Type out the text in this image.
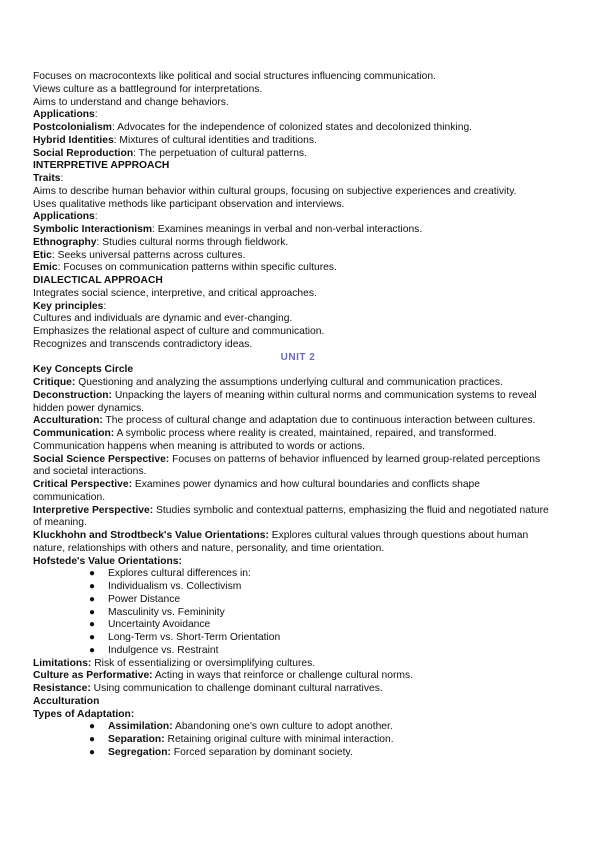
Focuses on macrocontexts like political and social structures influencing communication.
Views culture as a battleground for interpretations.
Aims to understand and change behaviors.
Applications:
Postcolonialism: Advocates for the independence of colonized states and decolonized thinking.
Hybrid Identities: Mixtures of cultural identities and traditions.
Social Reproduction: The perpetuation of cultural patterns.
INTERPRETIVE APPROACH
Traits:
Aims to describe human behavior within cultural groups, focusing on subjective experiences and creativity.
Uses qualitative methods like participant observation and interviews.
Applications:
Symbolic Interactionism: Examines meanings in verbal and non-verbal interactions.
Ethnography: Studies cultural norms through fieldwork.
Etic: Seeks universal patterns across cultures.
Emic: Focuses on communication patterns within specific cultures.
DIALECTICAL APPROACH
Integrates social science, interpretive, and critical approaches.
Key principles:
Cultures and individuals are dynamic and ever-changing.
Emphasizes the relational aspect of culture and communication.
Recognizes and transcends contradictory ideas.
UNIT 2
Key Concepts Circle
Critique: Questioning and analyzing the assumptions underlying cultural and communication practices.
Deconstruction: Unpacking the layers of meaning within cultural norms and communication systems to reveal hidden power dynamics.
Acculturation: The process of cultural change and adaptation due to continuous interaction between cultures.
Communication: A symbolic process where reality is created, maintained, repaired, and transformed. Communication happens when meaning is attributed to words or actions.
Social Science Perspective: Focuses on patterns of behavior influenced by learned group-related perceptions and societal interactions.
Critical Perspective: Examines power dynamics and how cultural boundaries and conflicts shape communication.
Interpretive Perspective: Studies symbolic and contextual patterns, emphasizing the fluid and negotiated nature of meaning.
Kluckhohn and Strodtbeck's Value Orientations: Explores cultural values through questions about human nature, relationships with others and nature, personality, and time orientation.
Hofstede's Value Orientations:
● Explores cultural differences in:
● Individualism vs. Collectivism
● Power Distance
● Masculinity vs. Femininity
● Uncertainty Avoidance
● Long-Term vs. Short-Term Orientation
● Indulgence vs. Restraint
Limitations: Risk of essentializing or oversimplifying cultures.
Culture as Performative: Acting in ways that reinforce or challenge cultural norms.
Resistance: Using communication to challenge dominant cultural narratives.
Acculturation
Types of Adaptation:
● Assimilation: Abandoning one's own culture to adopt another.
● Separation: Retaining original culture with minimal interaction.
● Segregation: Forced separation by dominant society.
